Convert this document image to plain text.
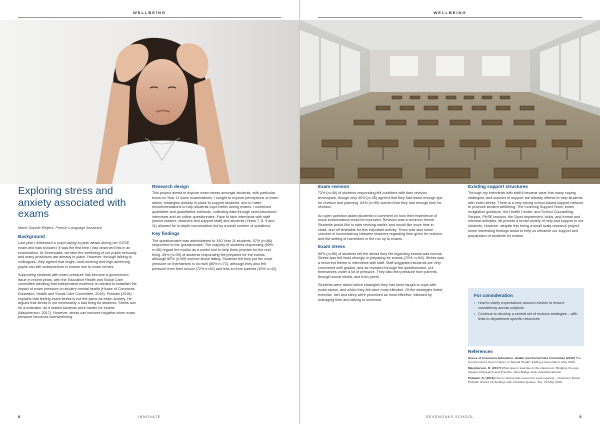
WELLBEING
Exploring stress and anxiety associated with exams
Marie-Sophie Reijers, French Language Assistant
Background

Last year I witnessed a pupil having a panic attack during her GCSE exam and was shocked; it was the first time I had observed this in an examination. At Sevenoaks, we take the wellbeing of our pupils seriously and many provisions are already in place. However, through talking to colleagues, they agreed that bright, hard-working and high-achieving pupils can still underperform in exams due to exam nerves.

Supporting students with exam pressure has become a government issue in recent years, with the Education Health and Social Care committee advising that independent evidence is needed to establish the impact of exam pressure on student mental health (House of Commons Education, Health and Social Care Committee, 2018). Putwain (2018) explains that feeling exam stress is not the same as exam anxiety. He argues that stress is not necessarily a bad thing for students. Stress can be a motivator, as it makes students work harder for exams (Macpherson, 2017). However, stress can become negative when exam pressure becomes overwhelming.

Research design

This project aimed to explore exam stress amongst students, with particular focus on Year 11 mock examinations. I sought to explore perceptions of exam stress, strategies already in place to support students, and to make recommendations to help students cope better during exams. I combined qualitative and quantitative methods, collecting data through semi-structured interviews and an online questionnaire. Face to face interviews with staff (senior leaders, teachers and support staff) and students (Years 7, 8, 9 and 11) allowed for in-depth conversation led by a small number of questions.

Key findings

The questionnaire was administered to 150 Year 11 students. 57% (n=86) responded to the questionnaire. The majority of students responding (60%, n=46) regard the mocks as a useful tool to help them prepare for the real thing. 45% (n=39) of students responding felt prepared for the exams, although 80% (n=69) worried about failing. Students felt they put the most pressure on themselves to do well (85% n=73), although they also felt pressure from their school (72% n=62) and less so from parents (49% n=42).

8	INNOVATE
WELLBEING
Exam revision

73% (n=46) of students responding felt confident with their revision techniques, though only 40% (n=35) agreed that they had learnt enough tips for revision and planning. 64% (n=55) worried that they had enough time for revision.

An open question asked students to comment on how their experience of mock examinations could be improved. Revision was a common theme. Students would like to start revising earlier, and would like more time in class, and off timetable for this important activity. There was also some concern of inconsistency between teachers regarding time given for revision, and the setting of homework in the run up to exams.

Exam stress

65% (n=56) of students felt the stress they felt regarding exams was normal. Stress was felt most strongly in preparing for exams (70%, n=60). Stress was a recurrent theme in interviews with staff. Staff suggested students are very concerned with grades, and as revealed through the questionnaire, put themselves under a lot of pressure. They also feel pressure from parents, through social media, and from peers.

Students were asked which strategies they had been taught to cope with exam stress, and which they felt were most effective. Of the strategies listed, exercise, diet and sleep were perceived as most effective, followed by managing time and talking to someone.

Existing support structures

Through my interviews with staff it became clear that many coping strategies, and sources of support are already offered to help students with exam stress. There is a very strong school-based support network to promote student wellbeing: The Learning Support Team, exam invigilation guidance, the Health Centre, and School Counselling Service, PHSE lessons, the Sport department, clubs, and formal and informal activities, all provide a broad variety of help and support to our students. However, despite this being a small scale research project, some interesting findings arose to help us enhance our support and preparation of students for exams.

For consideration
• How to clarify expectations around revision to ensure consistency across subjects
• Continue to develop a central set of revision strategies – with links to department specific resources
References

House of Commons Education, Health and Social Care Committee (2018) The Government's Green Paper on Mental Health: Failing a Generation. May 2018.

Macpherson, R. (2017) What does it look like in the classroom: Bridging the gap between Research and Practice. New Bridge John Catt Educational.

Putwain, D. (2018) How to help pupils overcome exam anxiety – Professor David Putwain shares his findings with Christina Quaine. Tes, 15 May 2018.

SEVENOAKS SCHOOL	9
